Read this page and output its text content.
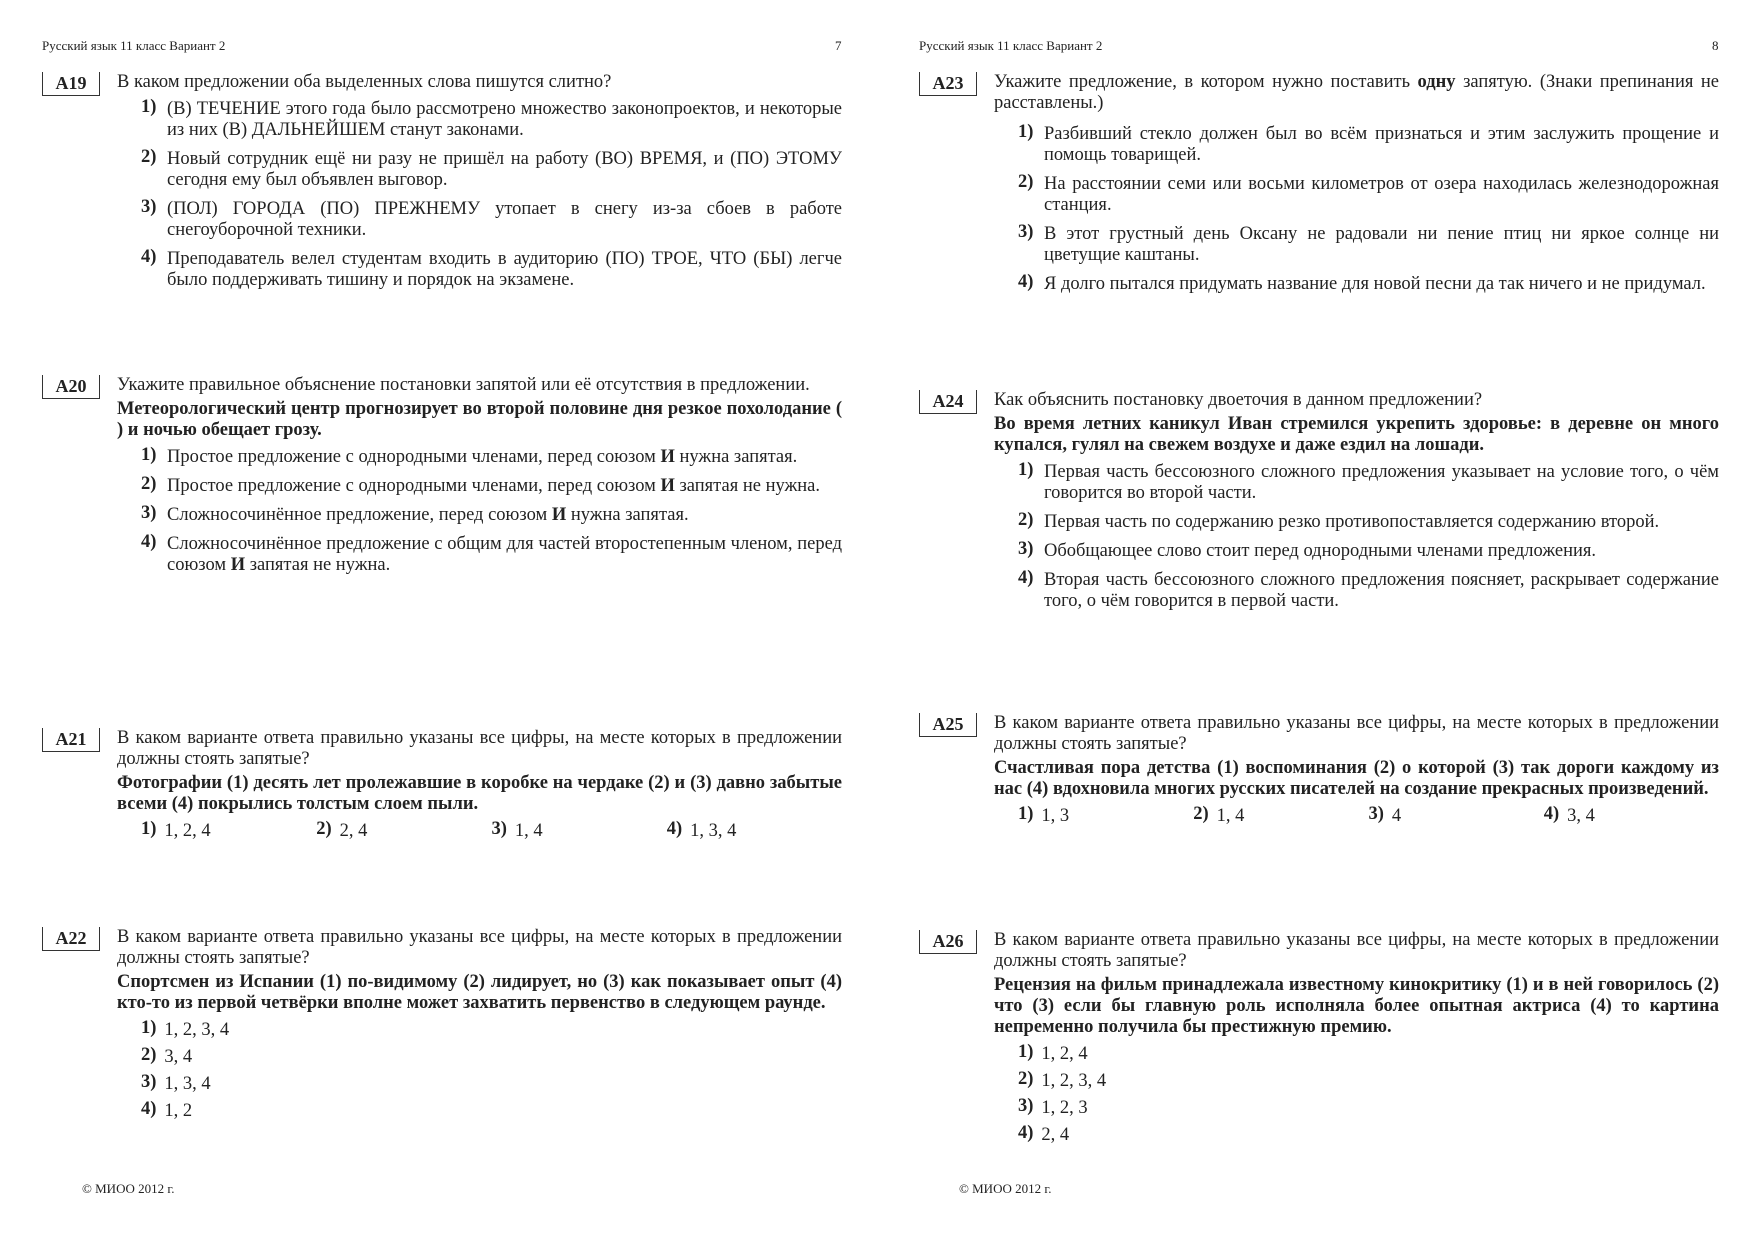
Русский язык 11 класс Вариант 2	7
A19	В каком предложении оба выделенных слова пишутся слитно?
1) (В) ТЕЧЕНИЕ этого года было рассмотрено множество законопроектов, и некоторые из них (В) ДАЛЬНЕЙШЕМ станут законами.
2) Новый сотрудник ещё ни разу не пришёл на работу (ВО) ВРЕМЯ, и (ПО) ЭТОМУ сегодня ему был объявлен выговор.
3) (ПОЛ) ГОРОДА (ПО) ПРЕЖНЕМУ утопает в снегу из-за сбоев в работе снегоуборочной техники.
4) Преподаватель велел студентам входить в аудиторию (ПО) ТРОЕ, ЧТО (БЫ) легче было поддерживать тишину и порядок на экзамене.
A20	Укажите правильное объяснение постановки запятой или её отсутствия в предложении.
Метеорологический центр прогнозирует во второй половине дня резкое похолодание ( ) и ночью обещает грозу.
1) Простое предложение с однородными членами, перед союзом И нужна запятая.
2) Простое предложение с однородными членами, перед союзом И запятая не нужна.
3) Сложносочинённое предложение, перед союзом И нужна запятая.
4) Сложносочинённое предложение с общим для частей второстепенным членом, перед союзом И запятая не нужна.
A21	В каком варианте ответа правильно указаны все цифры, на месте которых в предложении должны стоять запятые?
Фотографии (1) десять лет пролежавшие в коробке на чердаке (2) и (3) давно забытые всеми (4) покрылись толстым слоем пыли.
1) 1, 2, 4	2) 2, 4	3) 1, 4	4) 1, 3, 4
A22	В каком варианте ответа правильно указаны все цифры, на месте которых в предложении должны стоять запятые?
Спортсмен из Испании (1) по-видимому (2) лидирует, но (3) как показывает опыт (4) кто-то из первой четвёрки вполне может захватить первенство в следующем раунде.
1) 1, 2, 3, 4
2) 3, 4
3) 1, 3, 4
4) 1, 2
© МИОО 2012 г.
Русский язык 11 класс Вариант 2	8
A23	Укажите предложение, в котором нужно поставить одну запятую. (Знаки препинания не расставлены.)
1) Разбивший стекло должен был во всём признаться и этим заслужить прощение и помощь товарищей.
2) На расстоянии семи или восьми километров от озера находилась железнодорожная станция.
3) В этот грустный день Оксану не радовали ни пение птиц ни яркое солнце ни цветущие каштаны.
4) Я долго пытался придумать название для новой песни да так ничего и не придумал.
A24	Как объяснить постановку двоеточия в данном предложении?
Во время летних каникул Иван стремился укрепить здоровье: в деревне он много купался, гулял на свежем воздухе и даже ездил на лошади.
1) Первая часть бессоюзного сложного предложения указывает на условие того, о чём говорится во второй части.
2) Первая часть по содержанию резко противопоставляется содержанию второй.
3) Обобщающее слово стоит перед однородными членами предложения.
4) Вторая часть бессоюзного сложного предложения поясняет, раскрывает содержание того, о чём говорится в первой части.
A25	В каком варианте ответа правильно указаны все цифры, на месте которых в предложении должны стоять запятые?
Счастливая пора детства (1) воспоминания (2) о которой (3) так дороги каждому из нас (4) вдохновила многих русских писателей на создание прекрасных произведений.
1) 1, 3	2) 1, 4	3) 4	4) 3, 4
A26	В каком варианте ответа правильно указаны все цифры, на месте которых в предложении должны стоять запятые?
Рецензия на фильм принадлежала известному кинокритику (1) и в ней говорилось (2) что (3) если бы главную роль исполняла более опытная актриса (4) то картина непременно получила бы престижную премию.
1) 1, 2, 4
2) 1, 2, 3, 4
3) 1, 2, 3
4) 2, 4
© МИОО 2012 г.
